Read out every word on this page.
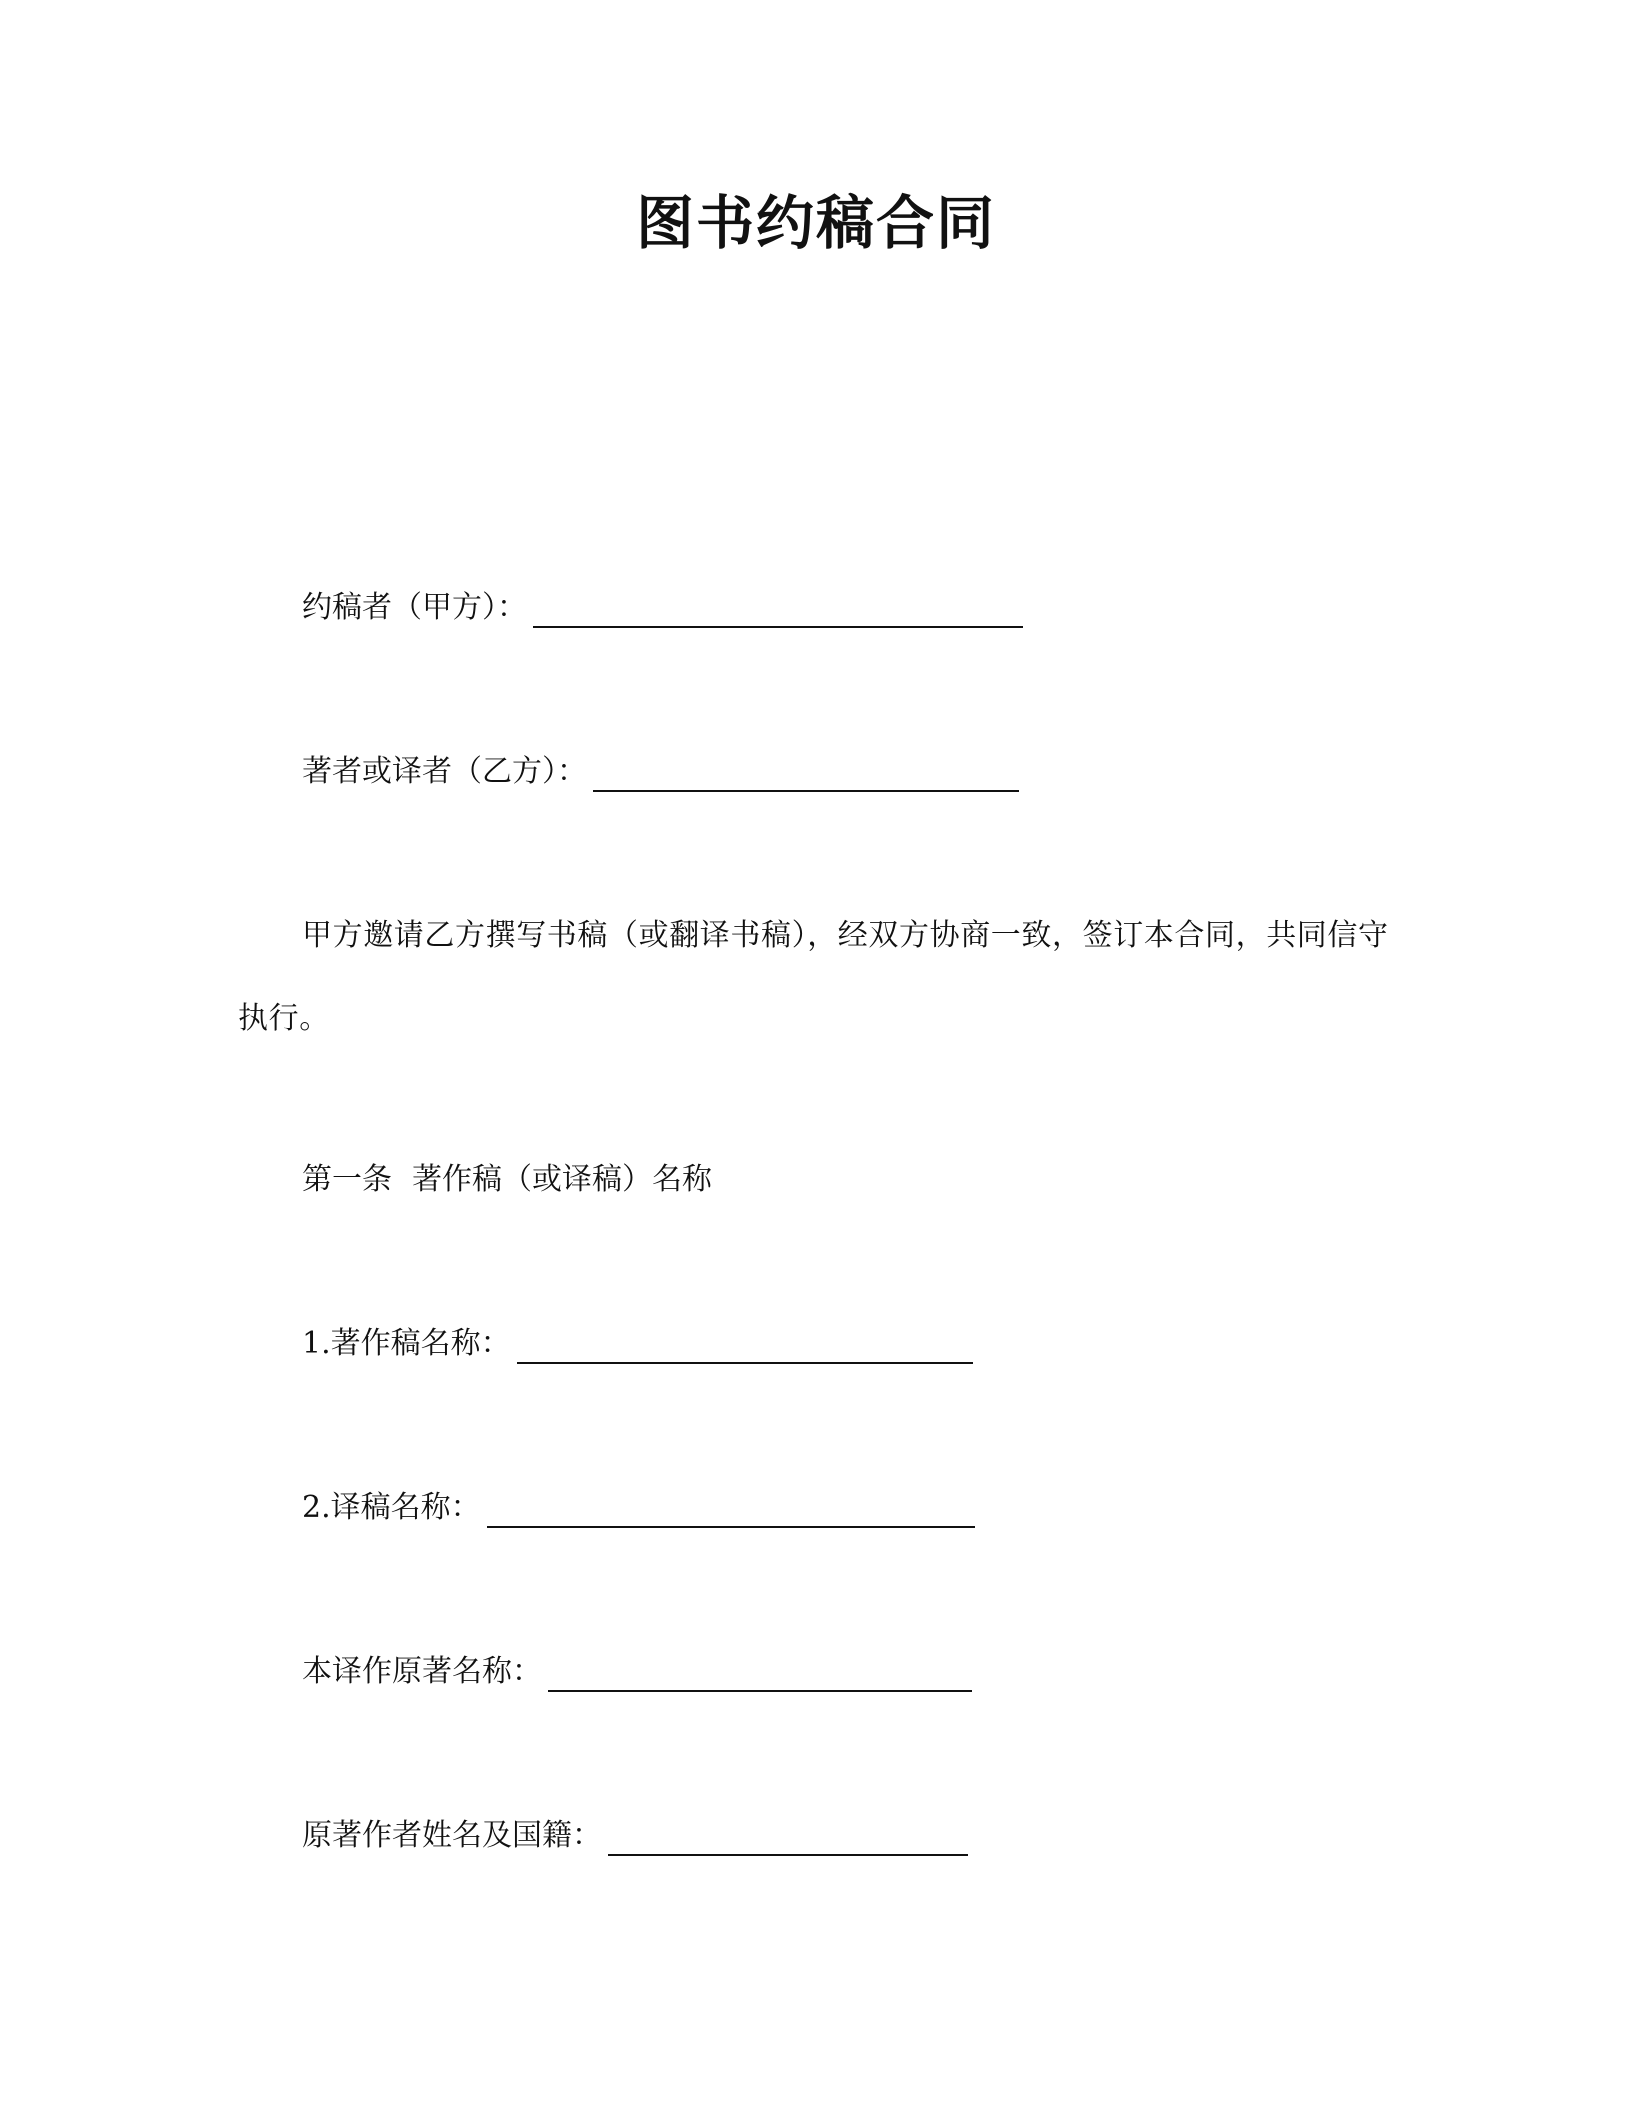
图书约稿合同
约稿者（甲方）：
著者或译者（乙方）：
甲方邀请乙方撰写书稿（或翻译书稿），经双方协商一致，签订本合同，共同信守执行。
第一条 著作稿（或译稿）名称
1.著作稿名称：
2.译稿名称：
本译作原著名称：
原著作者姓名及国籍：
